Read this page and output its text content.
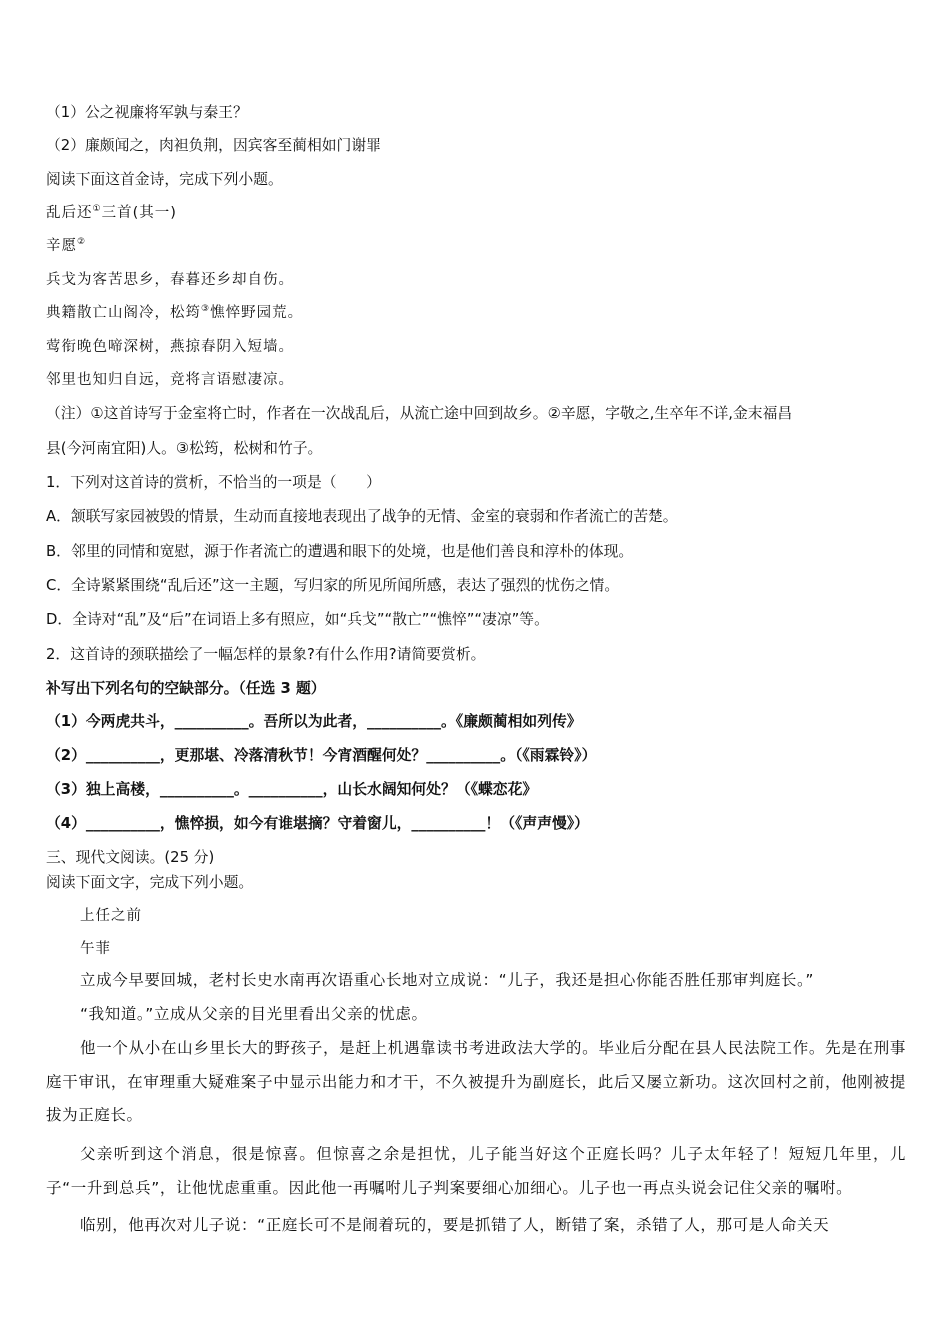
（1）公之视廉将军孰与秦王？
（2）廉颇闻之，肉袒负荆，因宾客至蔺相如门谢罪
阅读下面这首金诗，完成下列小题。
乱后还①三首(其一)
辛愿②
兵戈为客苦思乡，春暮还乡却自伤。
典籍散亡山阁冷，松筠③憔悴野园荒。
莺衔晚色啼深树，燕掠春阴入短墙。
邻里也知归自远，竞将言语慰凄凉。
（注）①这首诗写于金室将亡时，作者在一次战乱后，从流亡途中回到故乡。②辛愿，字敬之,生卒年不详,金末福昌
县(今河南宜阳)人。③松筠，松树和竹子。
1．下列对这首诗的赏析，不恰当的一项是（　　）
A．颔联写家园被毁的情景，生动而直接地表现出了战争的无情、金室的衰弱和作者流亡的苦楚。
B．邻里的同情和宽慰，源于作者流亡的遭遇和眼下的处境，也是他们善良和淳朴的体现。
C．全诗紧紧围绕“乱后还”这一主题，写归家的所见所闻所感，表达了强烈的忧伤之情。
D．全诗对“乱”及“后”在词语上多有照应，如“兵戈”“散亡”“憔悴”“凄凉”等。
2．这首诗的颈联描绘了一幅怎样的景象?有什么作用?请简要赏析。
补写出下列名句的空缺部分。（任选 3 题）
（1）今两虎共斗，__________。吾所以为此者，__________。《廉颇蔺相如列传》
（2）__________，更那堪、冷落清秋节！今宵酒醒何处？__________。（《雨霖铃》）
（3）独上高楼，__________。__________，山长水阔知何处？（《蝶恋花》
（4）__________，憔悴损，如今有谁堪摘？守着窗儿，__________！（《声声慢》）
三、现代文阅读。(25 分)
阅读下面文字，完成下列小题。
上任之前
午菲
立成今早要回城，老村长史水南再次语重心长地对立成说：“儿子，我还是担心你能否胜任那审判庭长。”
“我知道。”立成从父亲的目光里看出父亲的忧虑。
他一个从小在山乡里长大的野孩子，是赶上机遇靠读书考进政法大学的。毕业后分配在县人民法院工作。先是在刑事庭干审讯，在审理重大疑难案子中显示出能力和才干，不久被提升为副庭长，此后又屡立新功。这次回村之前，他刚被提拔为正庭长。
父亲听到这个消息，很是惊喜。但惊喜之余是担忧，儿子能当好这个正庭长吗？儿子太年轻了！短短几年里，儿子“一升到总兵”，让他忧虑重重。因此他一再嘱咐儿子判案要细心加细心。儿子也一再点头说会记住父亲的嘱咐。
临别，他再次对儿子说：“正庭长可不是闹着玩的，要是抓错了人，断错了案，杀错了人，那可是人命关天
